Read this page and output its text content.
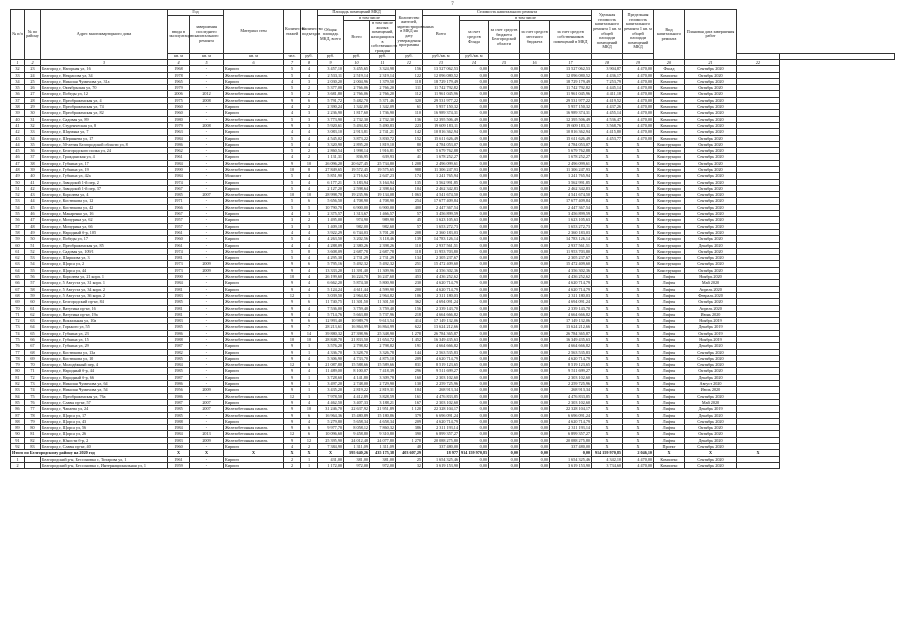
7
№ п/п	№ по району	Адрес многоквартирного дома	Год		Материал стен	Количество этажей	Количество подъездов	Площадь помещений МКД			Количество жителей, зарегистрированных в МКД на дату утверждения программы	Стоимость капитального ремонта					Удельная стоимость капитального ремонта 1 кв. м общей площади помещений МКД	Предельная стоимость капитального ремонта 1 кв. м общей площади помещений МКД	Вид капитального ремонта	Плановая дата завершения работ		
			ввода в эксплуатацию	завершения последнего капитального ремонта				Общая площадь МКД, всего	в том числе			Всего	в том числе									
									Всего	в том числе жилых помещений, находящихся в собственности граждан			за счет средств Фонда	за счет средств бюджета Белгородской области	за счет средств местного бюджета	за счет средств собственников помещений в МКД						
			кв. м	кв. м	кв. м	чел.	руб.	руб.	руб.	руб.	руб.	руб./кв. м	руб./кв. м									
1	2	3	4	5	6	7	8	9	10	11	12	13	14	15	16	17	18	19	20	21	22	
32	23	Белгород г, Нагорная ул, 16	1968	-	Кирпич	5	4	3 457,10	3 455,65	3 324,98	156	13 527 062,53	0,00	0,00	0,00	13 527 062,53	3 904,87	4 470,00	Фасад	Сентябрь 2020		
33	24	Белгород г, Некрасова ул, 34	1978	-	Железобетонная панель	5	4	2 533,11	2 519,14	2 319,14	122	12 096 080,52	0,00	0,00	0,00	12 096 080,52	4 436,17	4 470,00	Комплекс	Октябрь 2020		
34	25	Белгород г, Николая Чумичова ул, 31а	1965	-	Кирпич	4	3	2 030,20	2 004,96	1 379,50	118	18 729 179,49	0,00	0,00	0,00	18 729 179,49	7 253,79	4 470,00	Комплекс	Сентябрь 2020		
35	26	Белгород г, Октябрьская ул, 70	1979	-	Железобетонная панель	5	2	5 377,00	2 766,06	2 766,20	111	11 742 792,82	0,00	0,00	0,00	11 742 792,82	4 445,14	4 470,00	Комплекс	Октябрь 2020		
36	27	Белгород г, Победы ул, 12	2006	2012	Железобетонная панель	5	2	3 681,80	2 766,06	2 766,20	112	11 961 045,96	0,00	0,00	0,00	11 961 045,96	4 411,18	4 470,00	Комплекс	Октябрь 2020		
37	28	Белгород г, Преображенская ул, 4	1975	2008	Железобетонная панель	9	6	5 791,72	5 482,70	5 371,46	320	29 531 977,22	0,00	0,00	0,00	29 531 977,22	4 419,52	4 470,00	Комплекс	Сентябрь 2020		
38	29	Белгород г, Преображенская ул, 74	1960	-	Кирпич	4	2	2 390,24	1 342,09	1 342,09	61	5 957 150,32	0,00	0,00	0,00	5 957 150,32	4 437,26	4 470,00	Комплекс	Сентябрь 2020		
39	30	Белгород г, Преображенская ул, 82	1960	-	Кирпич	4	3	2 236,90	1 817,60	1 736,90	110	16 989 374,31	0,00	0,00	0,00	16 989 374,31	4 455,14	4 470,00	Комплекс	Сентябрь 2020		
40	31	Белгород г, Садовая ул, 89	1980	-	Железобетонная панель	5	3	3 773,90	2 732,30	2 732,30	136	12 395 506,49	0,00	0,00	0,00	12 395 506,49	4 536,47	4 470,00	Комплекс	Сентябрь 2020		
41	32	Белгород г, Студенческая ул, 8	1979	2008	Железобетонная панель	9	3	5 920,61	5 494,82	5 490,83	223	19 609 183,11	0,00	0,00	0,00	19 609 183,11	3 568,76	4 470,00	Комплекс	Сентябрь 2020		
42	33	Белгород г, Шаумяна ул, 7	1963	-	Кирпич	4	4	3 083,10	2 913,81	2 741,21	142	10 816 362,94	0,00	0,00	0,00	10 816 362,94	4 415,80	4 470,00	Комплекс	Сентябрь 2020		
43	34	Белгород г, Шершнева ул, 17	1984	-	Кирпич	5	4	4 545,02	3 873,22	3 830,72	152	15 611 626,49	0,00	0,00	0,00	15 611 626,49	4 453,77	4 470,00	Комплекс	Октябрь 2020		
44	35	Белгород г, 50-летия Белгородской области ул, 8	1986	-	Кирпич	5	4	3 320,90	2 895,20	1 819,10	80	4 784 053,07	0,00	0,00	0,00	4 784 053,07	X	X	Конструкции	Октябрь 2020		
45	36	Белгород г, Белгородского полка ул, 24	1962	-	Кирпич	5	2	2 860,54	1 998,14	1 916,81	97	5 679 762,88	0,00	0,00	0,00	5 679 762,88	X	X	Конструкции	Сентябрь 2020		
46	37	Белгород г, Гражданская ул, 4	1961	-	Кирпич	4	2	1 131,31	836,95	639,93	41	1 678 252,27	0,00	0,00	0,00	1 678 252,27	X	X	Конструкции	Сентябрь 2020		
47	38	Белгород г, Губкина ул, 17	1984	-	Железобетонная панель	9	10	26 096,20	20 627,45	25 734,80	1 208	2 496 099,61	0,00	0,00	0,00	2 496 099,61	X	X	Конструкции	Октябрь 2020		
48	39	Белгород г, Губкина ул, 19	1990	-	Железобетонная панель	10	8	27 849,65	19 572,45	19 575,65	988	11 306 247,93	0,00	0,00	0,00	11 306 247,93	X	X	Конструкции	Октябрь 2020		
49	40	Белгород г, Губкина ул, 42а	1984	-	Монолит	5	4	5 851,90	2 716,62	2 647,23	174	1 241 765,94	0,00	0,00	0,00	1 241 765,94	X	X	Конструкции	Сентябрь 2020		
50	41	Белгород г, Заводской 1-й пер, 2	1974	-	Кирпич	5	4	6 177,21	3 183,94	3 164,94	135	3 562 991,85	0,00	0,00	0,00	3 562 991,85	X	X	Конструкции	Сентябрь 2020		
51	42	Белгород г, Заводской 1-й пер, 37	1967	-	Кирпич	5	4	2 127,20	2 598,64	2 398,64	104	2 462 342,83	0,00	0,00	0,00	2 462 342,83	X	X	Конструкции	Октябрь 2020		
52	43	Белгород г, Королева ул, 4	1985	2007	Железобетонная панель	10	10	28 998,70	19 235,96	19 134,08	1 063	4 541 674,50	0,00	0,00	0,00	4 541 674,50	X	X	Конструкции	Сентябрь 2020		
53	44	Белгород г, Костюкова ул, 12	1971	-	Железобетонная панель	5	6	5 656,50	4 708,90	4 708,90	254	17 677 409,84	0,00	0,00	0,00	17 677 409,84	X	X	Конструкции	Сентябрь 2020		
54	45	Белгород г, Костюкова ул, 42	1966	-	Железобетонная панель	5	5	10 790,70	6 900,00	6 900,00	400	2 447 367,54	0,00	0,00	0,00	2 447 367,54	X	X	Конструкции	Сентябрь 2020		
55	46	Белгород г, Макаренко ул, 16	1967	-	Кирпич	4	3	2 375,57	1 313,67	1 466,57	57	3 456 899,59	0,00	0,00	0,00	3 456 899,59	X	X	Конструкции	Сентябрь 2020		
56	47	Белгород г, Мичурина ул, 62	1957	-	Кирпич	3	2	1 495,00	974,90	989,90	45	1 623 105,63	0,00	0,00	0,00	1 623 105,63	X	X	Конструкции	Сентябрь 2020		
57	48	Белгород г, Мичурина ул, 66	1957	-	Кирпич	3	3	1 409,18	982,00	982,60	57	1 653 272,73	0,00	0,00	0,00	1 653 272,73	X	X	Конструкции	Сентябрь 2020		
58	49	Белгород г, Народный б-р, 105	1961	-	Железобетонная панель	4	4	3 922,29	6 744,03	3 701,28	208	2 360 183,03	0,00	0,00	0,00	2 360 183,03	X	X	Конструкции	Сентябрь 2020		
59	50	Белгород г, Победы ул, 17	1960	-	Кирпич	5	4	4 263,50	3 202,56	3 118,46	139	14 783 126,14	0,00	0,00	0,00	14 783 126,14	X	X	Конструкции	Октябрь 2020		
60	51	Белгород г, Преображенская ул, 85	1961	-	Кирпич	4	4	4 288,09	2 380,26	2 398,26	110	2 937 561,51	0,00	0,00	0,00	2 937 561,51	X	X	Конструкции	Декабрь 2020		
61	52	Белгород г, Садовая ул, 109/1	1974	-	Железобетонная панель	5	8	3 608,09	2 687,78	2 687,78	118	11 953 703,80	0,00	0,00	0,00	11 953 703,80	X	X	Конструкции	Октябрь 2020		
62	53	Белгород г, Ширшова ул, 3	1981	-	Кирпич	5	4	4 295,30	2 731,29	2 731,29	134	2 305 237,67	0,00	0,00	0,00	2 305 237,67	X	X	Конструкции	Сентябрь 2020		
63	54	Белгород г, Щорса ул, 2	1973	2009	Железобетонная панель	9	6	5 795,16	5 492,32	5 492,32	251	15 472 409,60	0,00	0,00	0,00	15 472 409,60	X	X	Конструкции	Сентябрь 2020		
64	55	Белгород г, Щорса ул, 44	1973	2009	Железобетонная панель	9	4	13 333,20	11 391,40	11 309,96	335	4 356 302,36	0,00	0,00	0,00	4 356 302,36	X	X	Конструкции	Октябрь 2020		
65	56	Белгород г, Королева ул, 21 корп. 1	1990	-	Железобетонная панель	10	4	26 199,60	16 224,70	16 247,60	453	4 436 252,62	0,00	0,00	0,00	4 436 252,62	X	X	Лифты	Ноябрь 2020		
66	57	Белгород г, 5 Августа ул, 31 корп. 1	1984	-	Кирпич	9	4	6 662,20	5 874,30	5 800,90	230	4 620 714,79	0,00	0,00	0,00	4 620 714,79	X	X	Лифты	Май 2020		
67	58	Белгород г, 5 Августа ул, 34 корп. 2	1981	-	Кирпич	9	4	5 124,24	4 611,44	4 599,90	200	4 620 714,79	0,00	0,00	0,00	4 620 714,79	X	X	Лифты	Апрель 2020		
68	59	Белгород г, 5 Августа ул, 36 корп. 2	1983	-	Железобетонная панель	12	1	3 039,50	2 964,82	2 964,82	106	2 311 180,03	0,00	0,00	0,00	2 311 180,03	X	X	Лифты	Февраль 2020		
69	60	Белгород г, Белгородский пр-кт, 84	1985	-	Железобетонная панель	9	6	11 740,75	11 301,50	11 301,50	362	4 694 091,24	0,00	0,00	0,00	4 694 091,24	X	X	Лифты	Октябрь 2020		
70	61	Белгород г, Ватутина пр-кт, 16	1981	-	Железобетонная панель	9	4	7 536,00	3 759,40	3 759,40	156	2 339 143,70	0,00	0,00	0,00	2 339 143,70	X	X	Лифты	Апрель 2020		
71	62	Белгород г, Ватутина пр-кт, 19а	1981	-	Железобетонная панель	9	4	5 714,76	5 663,80	5 737,96	218	4 664 666,82	0,00	0,00	0,00	4 664 666,82	X	X	Лифты	Июнь 2020		
72	63	Белгород г, Вокзальная ул, 10а	1983	-	Железобетонная панель	9	6	12 993,40	10 989,79	9 613,54	414	17 149 132,06	0,00	0,00	0,00	17 149 132,06	X	X	Лифты	Ноябрь 2019		
73	64	Белгород г, Горького ул, 55	1985	-	Железобетонная панель	9	7	28 213,61	16 864,99	16 864,99	622	13 624 212,66	0,00	0,00	0,00	13 624 212,66	X	X	Лифты	Декабрь 2019		
74	65	Белгород г, Губкина ул, 23	1986	-	Железобетонная панель	9	14	39 880,32	27 398,96	25 348,90	1 278	26 784 365,87	0,00	0,00	0,00	26 784 365,87	X	X	Лифты	Октябрь 2019		
75	66	Белгород г, Губкина ул, 15	1988	-	Железобетонная панель	10	10	28 848,70	21 833,50	21 654,72	1 452	16 349 435,63	0,00	0,00	0,00	16 349 435,63	X	X	Лифты	Ноябрь 2019		
76	67	Белгород г, Губкина ул, 29	1987	-	Кирпич	9	1	3 576,20	2 798,82	2 798,82	191	4 664 666,82	0,00	0,00	0,00	4 664 666,82	X	X	Лифты	Декабрь 2020		
77	68	Белгород г, Костюкова ул, 13а	1982	-	Кирпич	9	1	4 336,70	3 328,70	3 326,78	144	2 563 535,83	0,00	0,00	0,00	2 563 535,83	X	X	Лифты	Сентябрь 2020		
78	69	Белгород г, Костюкова ул, 10	1985	-	Кирпич	9	4	5 306,90	4 733,70	4 875,10	209	4 620 714,79	0,00	0,00	0,00	4 620 714,79	X	X	Лифты	Сентябрь 2020		
79	70	Белгород г, Молодёжный пер, 4	1984	-	Железобетонная панель	12	6	21 087,80	15 588,66	15 589,66	831	8 519 123,65	0,00	0,00	0,00	8 519 123,65	X	X	Лифты	Сентябрь 2020		
80	71	Белгород г, Народный б-р, 44	1985	-	Кирпич	9	4	11 489,00	8 100,07	7 418,39	296	9 511 699,27	0,00	0,00	0,00	9 511 699,27	X	X	Лифты	Октябрь 2020		
81	72	Белгород г, Народный б-р, 66	1987	-	Кирпич	9	1	3 728,60	4 141,80	3 309,78	160	2 303 102,60	0,00	0,00	0,00	2 303 102,60	X	X	Лифты	Декабрь 2020		
82	73	Белгород г, Николая Чумичова ул, 64	1986	-	Кирпич	9	1	3 497,20	2 748,00	2 729,90	130	2 259 725,96	0,00	0,00	0,00	2 259 725,96	X	X	Лифты	Август 2020		
83	74	Белгород г, Николая Чумичова ул, 54	1956	2009	Кирпич	9	1	3 435,20	2 819,22	2 819,31	104	268 913,34	0,00	0,00	0,00	268 913,34	X	X	Лифты	Июль 2020		
84	75	Белгород г, Преображенская ул, 76а	1986	-	Железобетонная панель	12	1	7 978,50	4 412,89	3 828,59	161	4 476 833,85	0,00	0,00	0,00	4 476 833,85	X	X	Лифты	Сентябрь 2020		
85	76	Белгород г, Славы пр-кт, 57	1987	2007	Кирпич	9	4	4 462,50	3 407,33	3 188,21	167	2 303 102,60	0,00	0,00	0,00	2 303 102,60	X	X	Лифты	Май 2020		
86	77	Белгород г, Чапаева ул, 24	1985	2007	Железобетонная панель	9	10	31 246,70	22 637,92	21 951,89	1 120	22 328 104,17	0,00	0,00	0,00	22 328 104,17	X	X	Лифты	Декабрь 2019		
87	78	Белгород г, Щорса ул, 17	1985	-	Железобетонная панель	9	6	16 964,36	15 480,89	15 180,86	379	6 696 091,24	0,00	0,00	0,00	6 696 091,24	X	X	Лифты	Декабрь 2020		
88	79	Белгород г, Щорса ул, 43	1988	-	Кирпич	9	4	5 279,80	5 658,34	4 658,34	209	4 620 714,79	0,00	0,00	0,00	4 620 714,79	X	X	Лифты	Сентябрь 2020		
89	80	Белгород г, Щорса ул, 56	1984	-	Железобетонная панель	9	6	9 977,70	8 058,12	7 860,32	386	2 311 193,14	0,00	0,00	0,00	2 311 193,14	X	X	Лифты	Октябрь 2020		
90	81	Белгород г, Щорса ул, 26	1984	2013	Железобетонная панель	12	6	10 096,60	9 458,80	9 310,80	390	6 899 357,27	0,00	0,00	0,00	6 899 357,27	X	X	Лифты	Октябрь 2020		
91	82	Белгород г, Юности б-р, 2	1983	2009	Железобетонная панель	9	12	25 395,90	24 012,48	24 077,80	1 278	20 088 275,80	0,00	0,00	0,00	20 088 275,80	X	X	Лифты	Декабрь 2020		
92	83	Белгород г, Славы пр-кт, 40	1960	-	Кирпич	4	2	7 384,90	1 311,09	1 311,09	48	337 480,00	0,00	0,00	0,00	337 480,00	X	X	Проект	Сентябрь 2020		
Итого по Белгородскому району на 2020 год			X	X	X	X	X	X	595 640,26	435 175,38	403 607,29	18 977	914 159 970,85	0,00	0,00	0,00	914 159 970,85	2 046,10	X	X	X	
1		Белгородский р-н, Бессоновка с, Титарова ул, 1	1961	-	Кирпич	2	1	431,00	381,00	381,00	25	1 654 325,46	0,00	0,00	0,00	1 654 325,46	4 342,10	4 470,00	Комплекс	Сентябрь 2020		
2		Белгородский р-н, Бессоновка с, Интернациональная ул, 1	1959	-	Кирпич	2	1	1 172,00	972,00	972,00	32	3 619 153,90	0,00	0,00	0,00	3 619 153,90	3 734,60	4 470,00	Комплекс	Сентябрь 2020		
